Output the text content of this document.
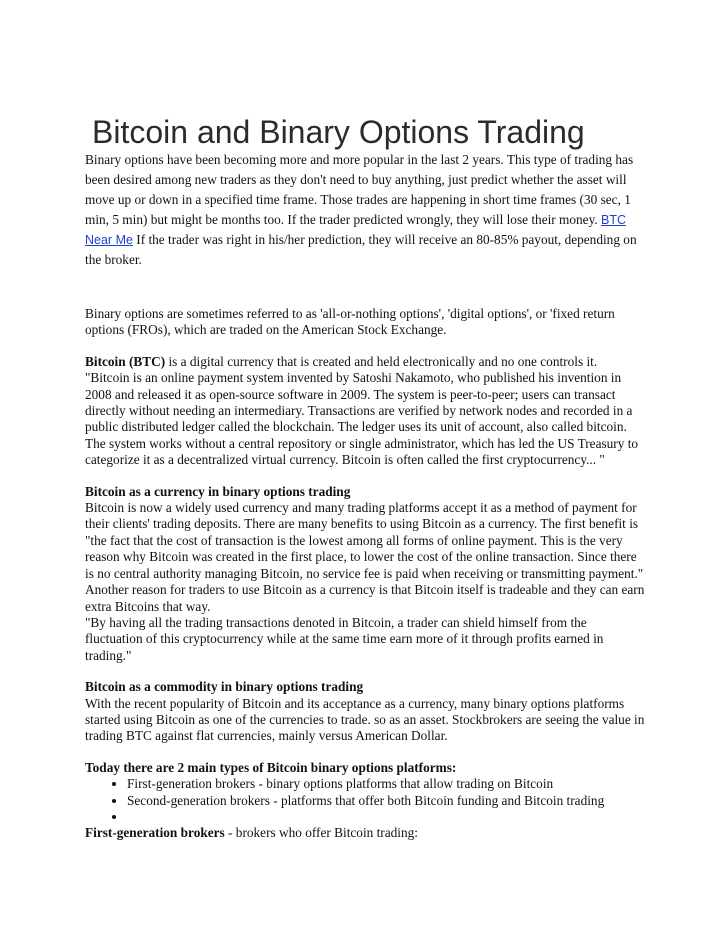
Bitcoin and Binary Options Trading

Binary options have been becoming more and more popular in the last 2 years. This type of trading has been desired among new traders as they don't need to buy anything, just predict whether the asset will move up or down in a specified time frame. Those trades are happening in short time frames (30 sec, 1 min, 5 min) but might be months too. If the trader predicted wrongly, they will lose their money. BTC Near Me If the trader was right in his/her prediction, they will receive an 80-85% payout, depending on the broker.

Binary options are sometimes referred to as 'all-or-nothing options', 'digital options', or 'fixed return options (FROs), which are traded on the American Stock Exchange.

Bitcoin (BTC) is a digital currency that is created and held electronically and no one controls it. "Bitcoin is an online payment system invented by Satoshi Nakamoto, who published his invention in 2008 and released it as open-source software in 2009. The system is peer-to-peer; users can transact directly without needing an intermediary. Transactions are verified by network nodes and recorded in a public distributed ledger called the blockchain. The ledger uses its unit of account, also called bitcoin. The system works without a central repository or single administrator, which has led the US Treasury to categorize it as a decentralized virtual currency. Bitcoin is often called the first cryptocurrency... "

Bitcoin as a currency in binary options trading

Bitcoin is now a widely used currency and many trading platforms accept it as a method of payment for their clients' trading deposits. There are many benefits to using Bitcoin as a currency. The first benefit is "the fact that the cost of transaction is the lowest among all forms of online payment. This is the very reason why Bitcoin was created in the first place, to lower the cost of the online transaction. Since there is no central authority managing Bitcoin, no service fee is paid when receiving or transmitting payment." Another reason for traders to use Bitcoin as a currency is that Bitcoin itself is tradeable and they can earn extra Bitcoins that way.

"By having all the trading transactions denoted in Bitcoin, a trader can shield himself from the fluctuation of this cryptocurrency while at the same time earn more of it through profits earned in trading."

Bitcoin as a commodity in binary options trading

With the recent popularity of Bitcoin and its acceptance as a currency, many binary options platforms started using Bitcoin as one of the currencies to trade. so as an asset. Stockbrokers are seeing the value in trading BTC against flat currencies, mainly versus American Dollar.

Today there are 2 main types of Bitcoin binary options platforms:

• First-generation brokers - binary options platforms that allow trading on Bitcoin
• Second-generation brokers - platforms that offer both Bitcoin funding and Bitcoin trading
•

First-generation brokers - brokers who offer Bitcoin trading:
